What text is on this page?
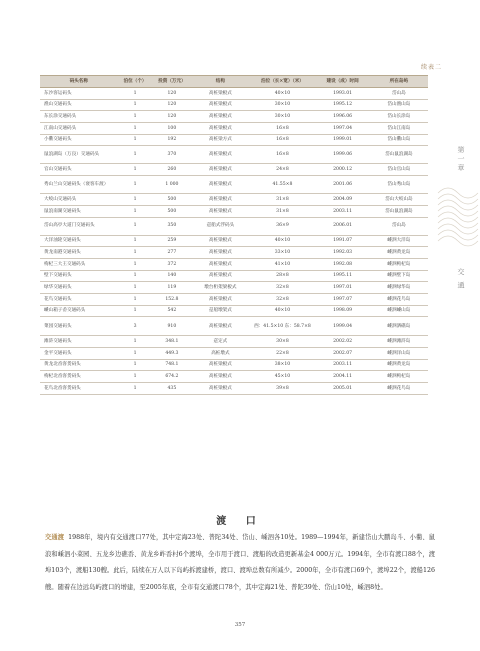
续表二
码头名称	泊位（个）	投资（万元）	结构	泊位（长×宽）（米）	建设（成）时间	所在岛屿
东沙客运码头	1	120	高桩梁板式	40×10	1993.01	岱山岛
渔山交通码头	1	120	高桩梁板式	30×10	1995.12	岱山渔山岛
东长涂交通码头	1	120	高桩梁板式	30×10	1996.06	岱山长涂岛
江南山交通码头	1	100	高桩梁板式	16×8	1997.04	岱山江南岛
小衢交通码头	1	192	高桩梁方式	16×8	1999.01	岱山衢山岛
鼠浪湖岛（万良）交通码头	1	370	高桩梁板式	16×8	1999.06	岱山鼠浪湖岛
官山交通码头	1	260	高桩梁板式	24×8	2000.12	岱山官山岛
秀山兰山交通码头（衰客车渡）	1	1 000	高桩梁板式	41.55×8	2001.06	岱山秀山岛
大峧山交通码头	1	500	高桩梁板式	31×8	2004.09	岱山大峧山岛
鼠浪南湖交通码头	1	500	高桩梁板式	31×8	2003.11	岱山鼠浪湖岛
岱山高亭大道门交通码头	1	350	趸船式浮码头	36×9	2006.01	岱山岛
大洋油轮交通码头	1	259	高桩梁板式	40×10	1991.07	嵊泗大洋岛
黄龙南港交通码头	1	277	高桩梁板式	33×10	1992.03	嵊泗黄龙岛
枸杞三大王交通码头	1	372	高桩梁板式	41×10	1992.08	嵊泗枸杞岛
壁下交通码头	1	140	高桩梁板式	28×8	1995.11	嵊泗壁下岛
绿华交通码头	1	119	墩台桁架梁板式	32×8	1997.01	嵊泗绿华岛
花鸟交通码头	1	152.8	高桩梁板式	32×8	1997.07	嵊泗花鸟岛
嵊山箱子岙交通码头	1	542	趸船墩架式	40×10	1998.09	嵊泗嵊山岛
菜园交通码头	3	910	高桩梁板式	西：41.5×10 东：58.7×8	1999.04	嵊泗泗礁岛
滩浒交通码头	1	348.1	趸定式	30×8	2002.02	嵊泗滩浒岛
金平交通码头	1	449.3	高桩墩式	22×8	2002.07	嵊泗洋山岛
黄龙北岙客货码头	1	748.1	高桩梁板式	38×10	2003.11	嵊泗黄龙岛
枸杞北岙客货码头	1	674.2	高桩梁板式	45×10	2004.11	嵊泗枸杞岛
花鸟北岙客货码头	1	435	高桩梁板式	39×8	2005.01	嵊泗花鸟岛
第一章
交 通
渡 口

交通渡 1988年，境内有交通渡口77处，其中定海23处、普陀34处、岱山、嵊泗各10处。1989—1994年，新建岱山大鹏岛斗、小衢、鼠浪和嵊泗小菜园、五龙乡边礁岙、黄龙乡岞岙村6个渡埠，全市用于渡口、渡船的改造更新基金4 000万元。1994年，全市有渡口88个，渡埠103个，渡船130艘。此后，陆续在万人以下岛屿拆渡建桥，渡口、渡埠总数有所减少。2000年，全市有渡口69个，渡埠22个，渡船126艘。随着在边远岛屿渡口的增建，至2005年底，全市有交通渡口78个，其中定海21处、普陀39处、岱山10处，嵊泗8处。

357
